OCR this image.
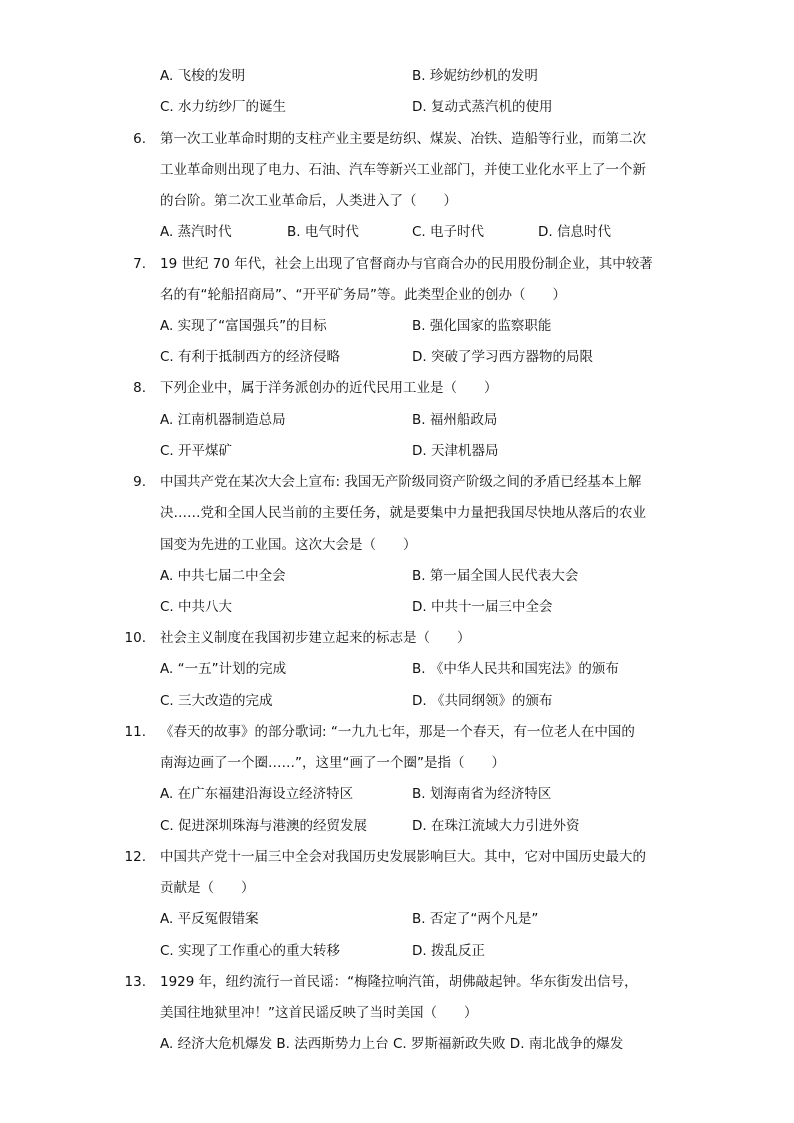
A. 飞梭的发明	B. 珍妮纺纱机的发明
C. 水力纺纱厂的诞生	D. 复动式蒸汽机的使用
6. 第一次工业革命时期的支柱产业主要是纺织、煤炭、冶铁、造船等行业，而第二次
工业革命则出现了电力、石油、汽车等新兴工业部门，并使工业化水平上了一个新
的台阶。第二次工业革命后，人类进入了（　　）
A. 蒸汽时代	B. 电气时代	C. 电子时代	D. 信息时代
7. 19 世纪 70 年代，社会上出现了官督商办与官商合办的民用股份制企业，其中较著
名的有“轮船招商局”、“开平矿务局”等。此类型企业的创办（　　）
A. 实现了“富国强兵”的目标	B. 强化国家的监察职能
C. 有利于抵制西方的经济侵略	D. 突破了学习西方器物的局限
8. 下列企业中，属于洋务派创办的近代民用工业是（　　）
A. 江南机器制造总局	B. 福州船政局
C. 开平煤矿	D. 天津机器局
9. 中国共产党在某次大会上宣布: 我国无产阶级同资产阶级之间的矛盾已经基本上解
决……党和全国人民当前的主要任务，就是要集中力量把我国尽快地从落后的农业
国变为先进的工业国。这次大会是（　　）
A. 中共七届二中全会	B. 第一届全国人民代表大会
C. 中共八大	D. 中共十一届三中全会
10. 社会主义制度在我国初步建立起来的标志是（　　）
A. “一五”计划的完成	B. 《中华人民共和国宪法》的颁布
C. 三大改造的完成	D. 《共同纲领》的颁布
11. 《春天的故事》的部分歌词: “一九九七年，那是一个春天，有一位老人在中国的
南海边画了一个圈……”，这里“画了一个圈”是指（　　）
A. 在广东福建沿海设立经济特区	B. 划海南省为经济特区
C. 促进深圳珠海与港澳的经贸发展	D. 在珠江流域大力引进外资
12. 中国共产党十一届三中全会对我国历史发展影响巨大。其中，它对中国历史最大的
贡献是（　　）
A. 平反冤假错案	B. 否定了“两个凡是”
C. 实现了工作重心的重大转移	D. 拨乱反正
13. 1929 年，纽约流行一首民谣：“梅隆拉响汽笛，胡佛敲起钟。华东街发出信号，
美国往地狱里冲！”这首民谣反映了当时美国（　　）
A. 经济大危机爆发 B. 法西斯势力上台 C. 罗斯福新政失败 D. 南北战争的爆发
